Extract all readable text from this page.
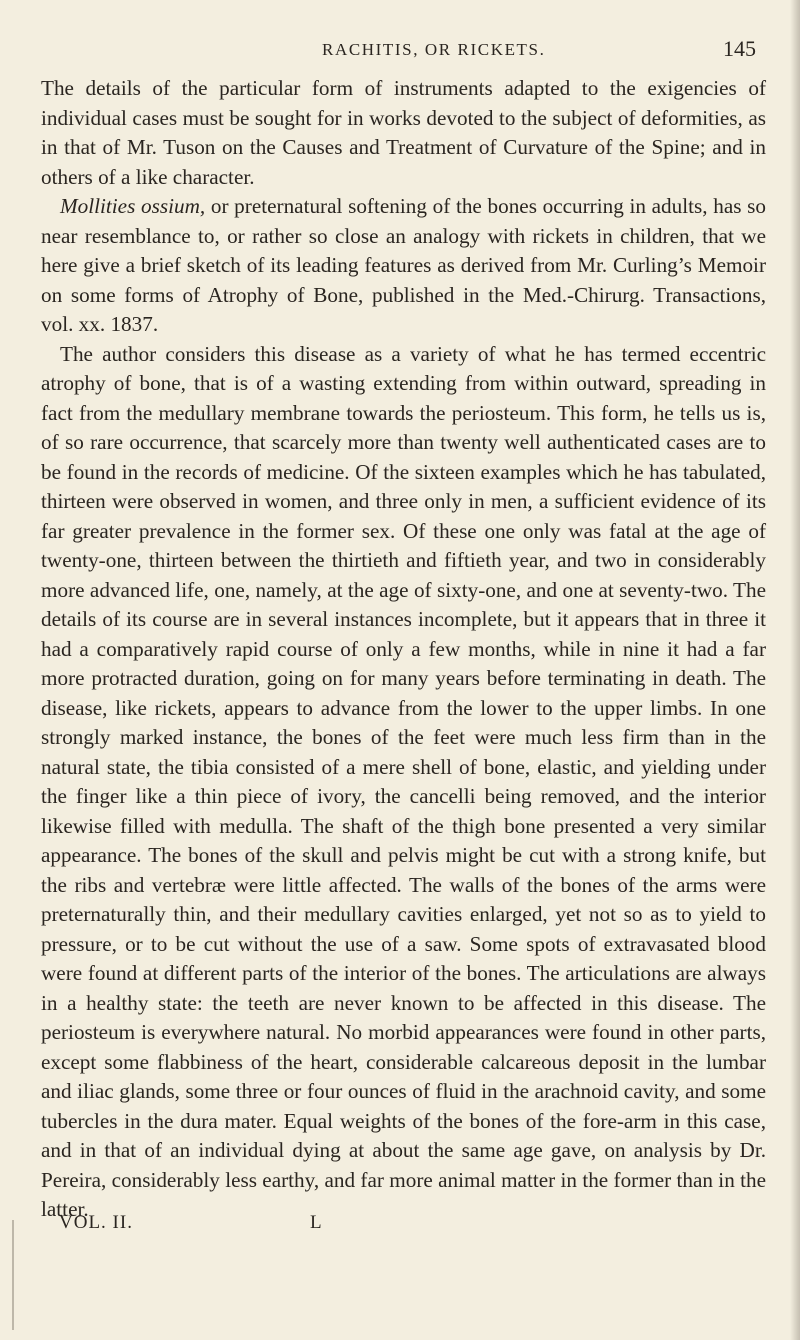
RACHITIS, OR RICKETS.	145

The details of the particular form of instruments adapted to the exigencies of individual cases must be sought for in works devoted to the subject of deformities, as in that of Mr. Tuson on the Causes and Treatment of Curvature of the Spine; and in others of a like character.

Mollities ossium, or preternatural softening of the bones occurring in adults, has so near resemblance to, or rather so close an analogy with rickets in children, that we here give a brief sketch of its leading features as derived from Mr. Curling’s Memoir on some forms of Atrophy of Bone, published in the Med.-Chirurg. Transactions, vol. xx. 1837.

The author considers this disease as a variety of what he has termed eccentric atrophy of bone, that is of a wasting extending from within outward, spreading in fact from the medullary membrane towards the periosteum. This form, he tells us is, of so rare occurrence, that scarcely more than twenty well authenticated cases are to be found in the records of medicine. Of the sixteen examples which he has tabulated, thirteen were observed in women, and three only in men, a sufficient evidence of its far greater prevalence in the former sex. Of these one only was fatal at the age of twenty-one, thirteen between the thirtieth and fiftieth year, and two in considerably more advanced life, one, namely, at the age of sixty-one, and one at seventy-two. The details of its course are in several instances incomplete, but it appears that in three it had a comparatively rapid course of only a few months, while in nine it had a far more protracted duration, going on for many years before terminating in death. The disease, like rickets, appears to advance from the lower to the upper limbs. In one strongly marked instance, the bones of the feet were much less firm than in the natural state, the tibia consisted of a mere shell of bone, elastic, and yielding under the finger like a thin piece of ivory, the cancelli being removed, and the interior likewise filled with medulla. The shaft of the thigh bone presented a very similar appearance. The bones of the skull and pelvis might be cut with a strong knife, but the ribs and vertebræ were little affected. The walls of the bones of the arms were preternaturally thin, and their medullary cavities enlarged, yet not so as to yield to pressure, or to be cut without the use of a saw. Some spots of extravasated blood were found at different parts of the interior of the bones. The articulations are always in a healthy state: the teeth are never known to be affected in this disease. The periosteum is everywhere natural. No morbid appearances were found in other parts, except some flabbiness of the heart, considerable calcareous deposit in the lumbar and iliac glands, some three or four ounces of fluid in the arachnoid cavity, and some tubercles in the dura mater. Equal weights of the bones of the fore-arm in this case, and in that of an individual dying at about the same age gave, on analysis by Dr. Pereira, considerably less earthy, and far more animal matter in the former than in the latter.

VOL. II.	L
